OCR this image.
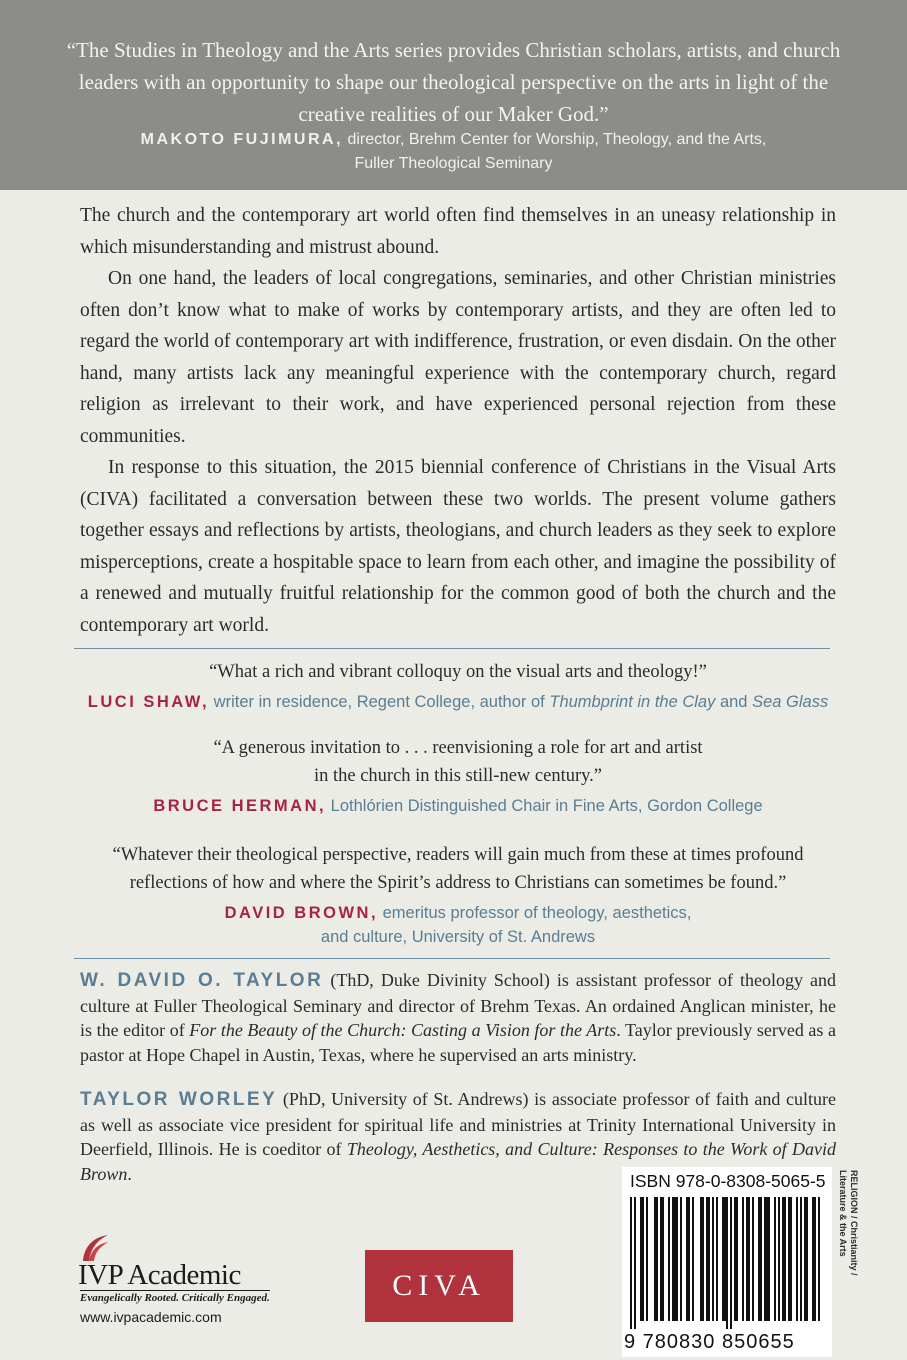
“The Studies in Theology and the Arts series provides Christian scholars, artists, and church leaders with an opportunity to shape our theological perspective on the arts in light of the creative realities of our Maker God.”
MAKOTO FUJIMURA, director, Brehm Center for Worship, Theology, and the Arts, Fuller Theological Seminary

The church and the contemporary art world often find themselves in an uneasy relationship in which misunderstanding and mistrust abound.

On one hand, the leaders of local congregations, seminaries, and other Christian ministries often don’t know what to make of works by contemporary artists, and they are often led to regard the world of contemporary art with indifference, frustration, or even disdain. On the other hand, many artists lack any meaningful experience with the contemporary church, regard religion as irrelevant to their work, and have experienced personal rejection from these communities.

In response to this situation, the 2015 biennial conference of Christians in the Visual Arts (CIVA) facilitated a conversation between these two worlds. The present volume gathers together essays and reflections by artists, theologians, and church leaders as they seek to explore misperceptions, create a hospitable space to learn from each other, and imagine the possibility of a renewed and mutually fruitful relationship for the common good of both the church and the contemporary art world.

“What a rich and vibrant colloquy on the visual arts and theology!”
LUCI SHAW, writer in residence, Regent College, author of Thumbprint in the Clay and Sea Glass
“A generous invitation to . . . reenvisioning a role for art and artist
in the church in this still-new century.”
BRUCE HERMAN, Lothlórien Distinguished Chair in Fine Arts, Gordon College
“Whatever their theological perspective, readers will gain much from these at times profound
reflections of how and where the Spirit’s address to Christians can sometimes be found.”
DAVID BROWN, emeritus professor of theology, aesthetics,
and culture, University of St. Andrews
W. DAVID O. TAYLOR (ThD, Duke Divinity School) is assistant professor of theology and culture at Fuller Theological Seminary and director of Brehm Texas. An ordained Anglican minister, he is the editor of For the Beauty of the Church: Casting a Vision for the Arts. Taylor previously served as a pastor at Hope Chapel in Austin, Texas, where he supervised an arts ministry.
TAYLOR WORLEY (PhD, University of St. Andrews) is associate professor of faith and culture as well as associate vice president for spiritual life and ministries at Trinity International University in Deerfield, Illinois. He is coeditor of Theology, Aesthetics, and Culture: Responses to the Work of David Brown.	ISBN 978-0-8308-5065-5
9 780830 850655
RELIGION / Christianity /
Literature & the Arts
IVP Academic
Evangelically Rooted. Critically Engaged.
www.ivpacademic.com
CIVA
